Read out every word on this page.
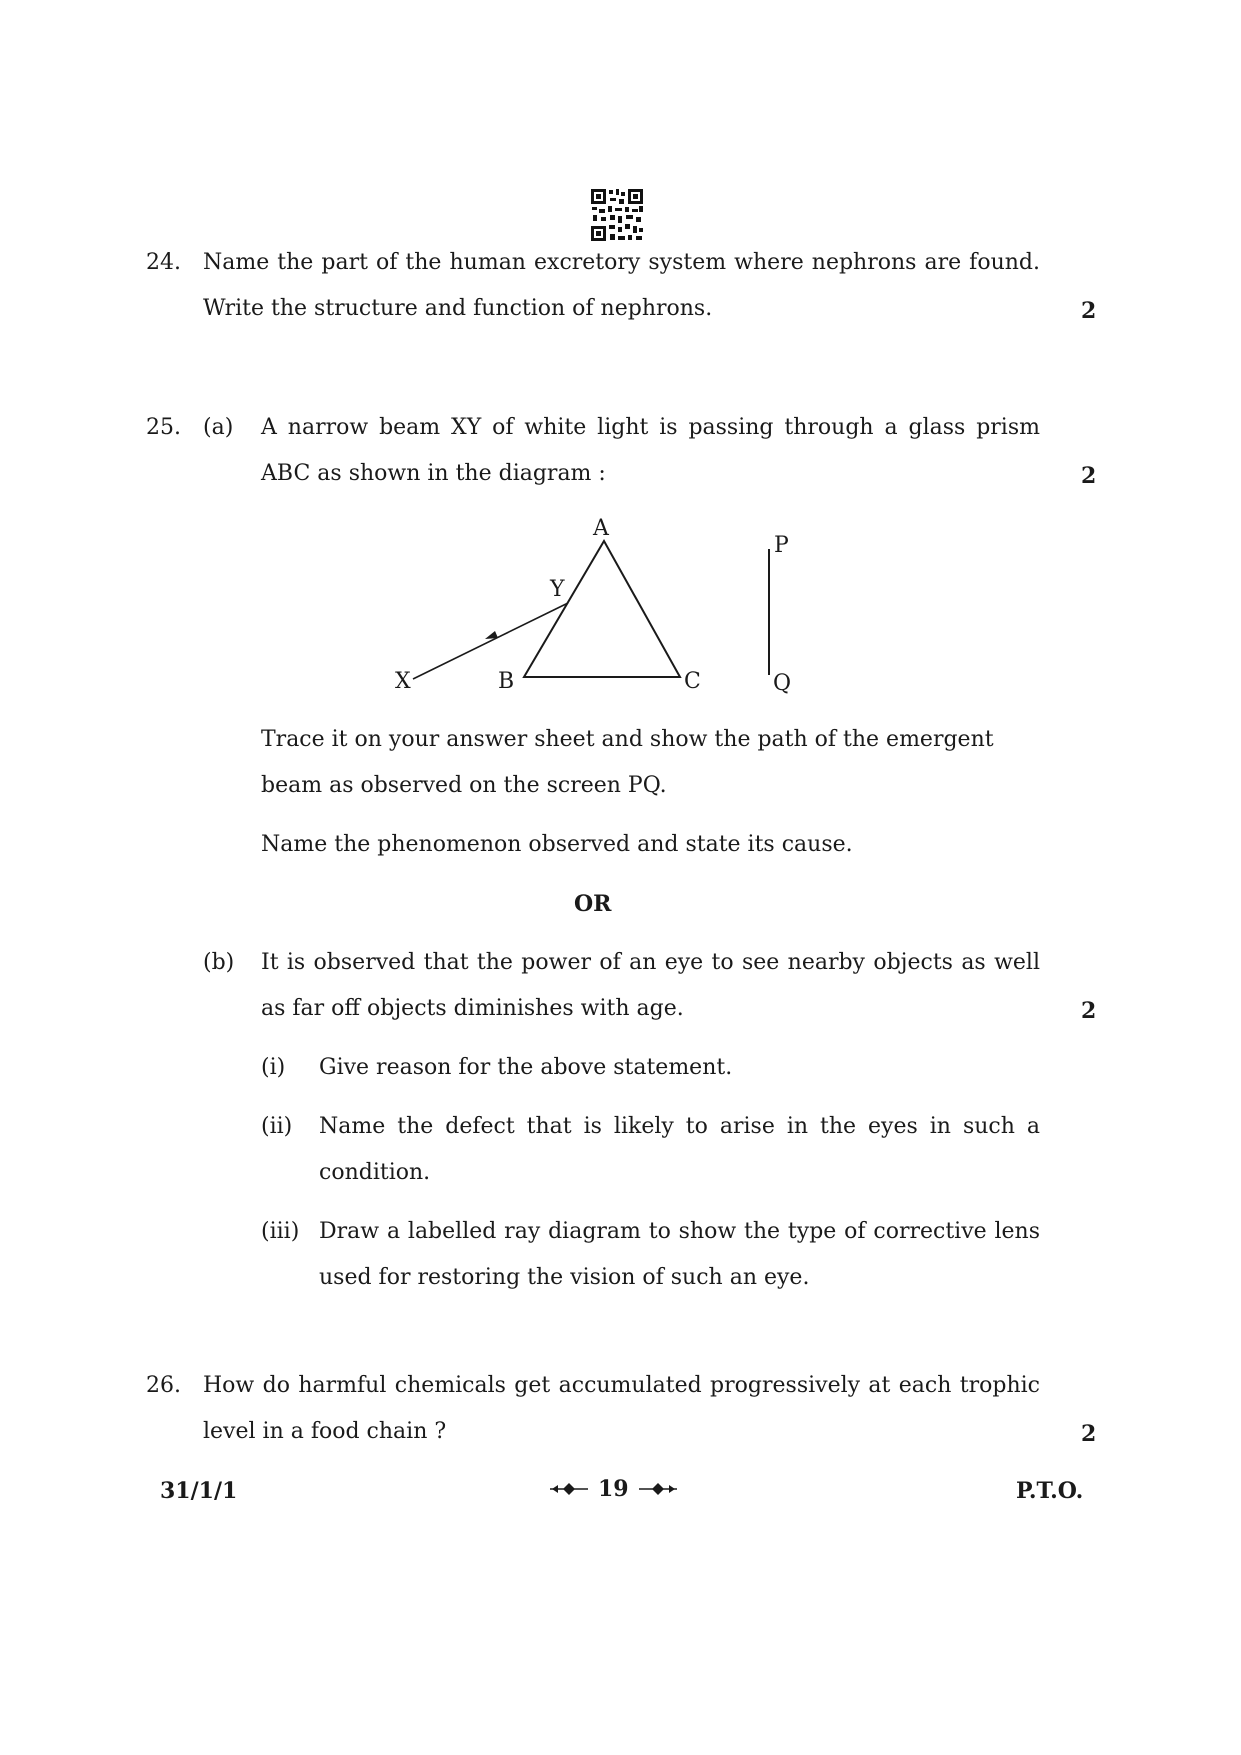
24. Name the part of the human excretory system where nephrons are found.
Write the structure and function of nephrons.	2
25. (a) A narrow beam XY of white light is passing through a glass prism
ABC as shown in the diagram :	2
A
Y
X	B	C
P
Q
Trace it on your answer sheet and show the path of the emergent
beam as observed on the screen PQ.
Name the phenomenon observed and state its cause.
OR
(b) It is observed that the power of an eye to see nearby objects as well
as far off objects diminishes with age.	2
(i) Give reason for the above statement.
(ii) Name the defect that is likely to arise in the eyes in such a
condition.
(iii) Draw a labelled ray diagram to show the type of corrective lens
used for restoring the vision of such an eye.
26. How do harmful chemicals get accumulated progressively at each trophic
level in a food chain ?	2
31/1/1	19	P.T.O.
